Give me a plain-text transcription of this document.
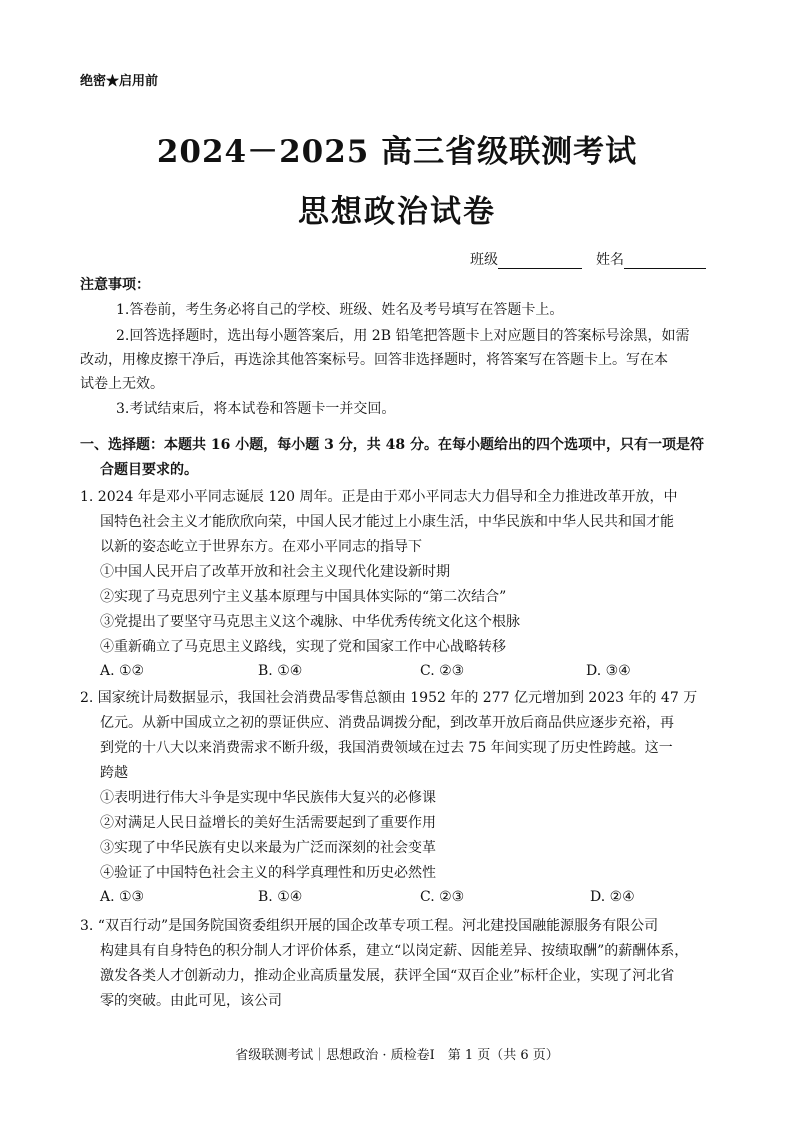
绝密★启用前
2024－2025 高三省级联测考试
思想政治试卷
班级	姓名
注意事项：
1.答卷前，考生务必将自己的学校、班级、姓名及考号填写在答题卡上。
2.回答选择题时，选出每小题答案后，用 2B 铅笔把答题卡上对应题目的答案标号涂黑，如需
改动，用橡皮擦干净后，再选涂其他答案标号。回答非选择题时，将答案写在答题卡上。写在本
试卷上无效。
3.考试结束后，将本试卷和答题卡一并交回。
一、选择题：本题共 16 小题，每小题 3 分，共 48 分。在每小题给出的四个选项中，只有一项是符
合题目要求的。
1. 2024 年是邓小平同志诞辰 120 周年。正是由于邓小平同志大力倡导和全力推进改革开放，中
国特色社会主义才能欣欣向荣，中国人民才能过上小康生活，中华民族和中华人民共和国才能
以新的姿态屹立于世界东方。在邓小平同志的指导下
①中国人民开启了改革开放和社会主义现代化建设新时期
②实现了马克思列宁主义基本原理与中国具体实际的“第二次结合”
③党提出了要坚守马克思主义这个魂脉、中华优秀传统文化这个根脉
④重新确立了马克思主义路线，实现了党和国家工作中心战略转移
A. ①②	B. ①④	C. ②③	D. ③④
2. 国家统计局数据显示，我国社会消费品零售总额由 1952 年的 277 亿元增加到 2023 年的 47 万
亿元。从新中国成立之初的票证供应、消费品调拨分配，到改革开放后商品供应逐步充裕，再
到党的十八大以来消费需求不断升级，我国消费领域在过去 75 年间实现了历史性跨越。这一
跨越
①表明进行伟大斗争是实现中华民族伟大复兴的必修课
②对满足人民日益增长的美好生活需要起到了重要作用
③实现了中华民族有史以来最为广泛而深刻的社会变革
④验证了中国特色社会主义的科学真理性和历史必然性
A. ①③	B. ①④	C. ②③	D. ②④
3. “双百行动”是国务院国资委组织开展的国企改革专项工程。河北建投国融能源服务有限公司
构建具有自身特色的积分制人才评价体系，建立“以岗定薪、因能差异、按绩取酬”的薪酬体系，
激发各类人才创新动力，推动企业高质量发展，获评全国“双百企业”标杆企业，实现了河北省
零的突破。由此可见，该公司
省级联测考试｜思想政治 · 质检卷Ⅰ　第 1 页（共 6 页）
